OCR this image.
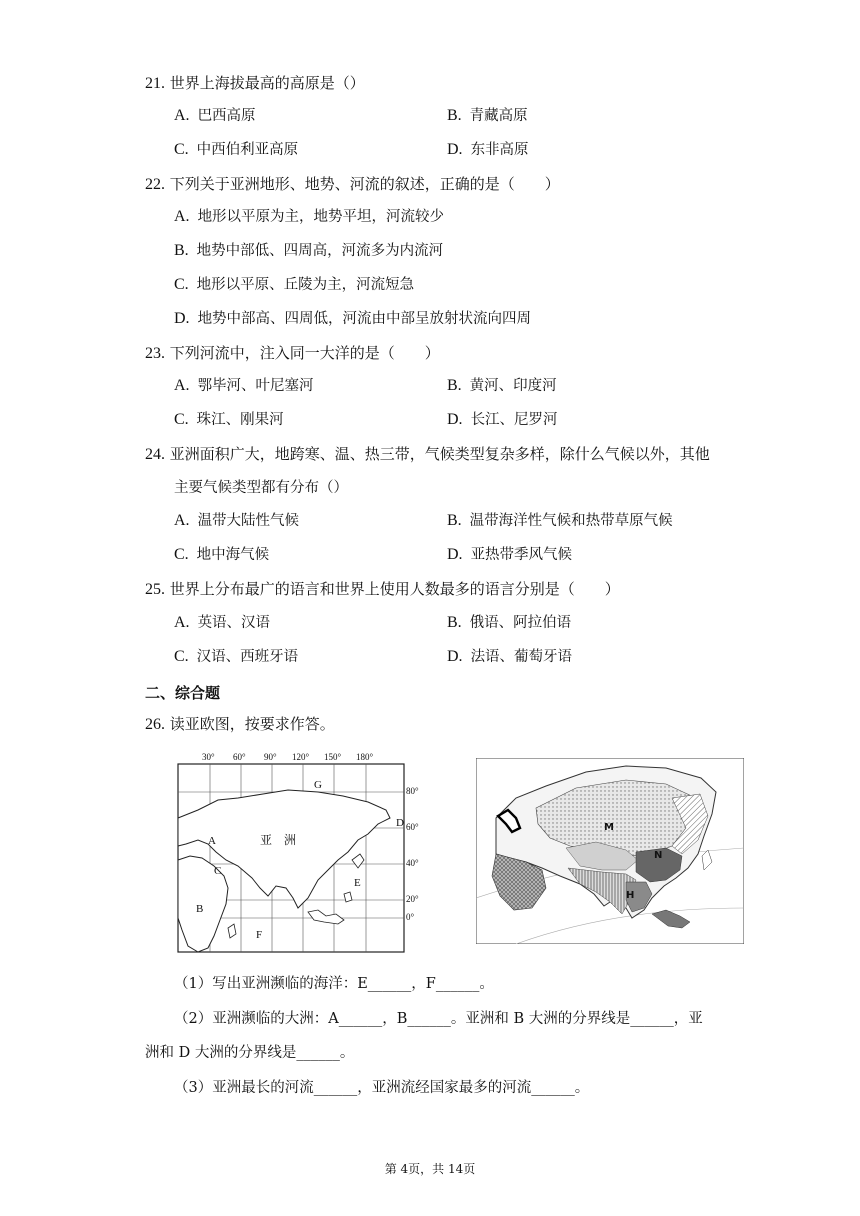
21. 世界上海拔最高的高原是（）
A. 巴西高原	B. 青藏高原
C. 中西伯利亚高原	D. 东非高原
22. 下列关于亚洲地形、地势、河流的叙述，正确的是（　　）
A. 地形以平原为主，地势平坦，河流较少
B. 地势中部低、四周高，河流多为内流河
C. 地形以平原、丘陵为主，河流短急
D. 地势中部高、四周低，河流由中部呈放射状流向四周
23. 下列河流中，注入同一大洋的是（　　）
A. 鄂毕河、叶尼塞河	B. 黄河、印度河
C. 珠江、刚果河	D. 长江、尼罗河
24. 亚洲面积广大，地跨寒、温、热三带，气候类型复杂多样，除什么气候以外，其他
主要气候类型都有分布（）
A. 温带大陆性气候	B. 温带海洋性气候和热带草原气候
C. 地中海气候	D. 亚热带季风气候
25. 世界上分布最广的语言和世界上使用人数最多的语言分别是（　　）
A. 英语、汉语	B. 俄语、阿拉伯语
C. 汉语、西班牙语	D. 法语、葡萄牙语
二、综合题
26. 读亚欧图，按要求作答。
30° 60° 90° 120° 150° 180°
80°
60°
40°
20°
0°
G
A
C
B
D
E
F
亚　洲
M
N
H
（1）写出亚洲濒临的海洋：E______，F______。
（2）亚洲濒临的大洲：A______，B______。亚洲和 B 大洲的分界线是______，亚
洲和 D 大洲的分界线是______。
（3）亚洲最长的河流______，亚洲流经国家最多的河流______。
第 4页，共 14页
